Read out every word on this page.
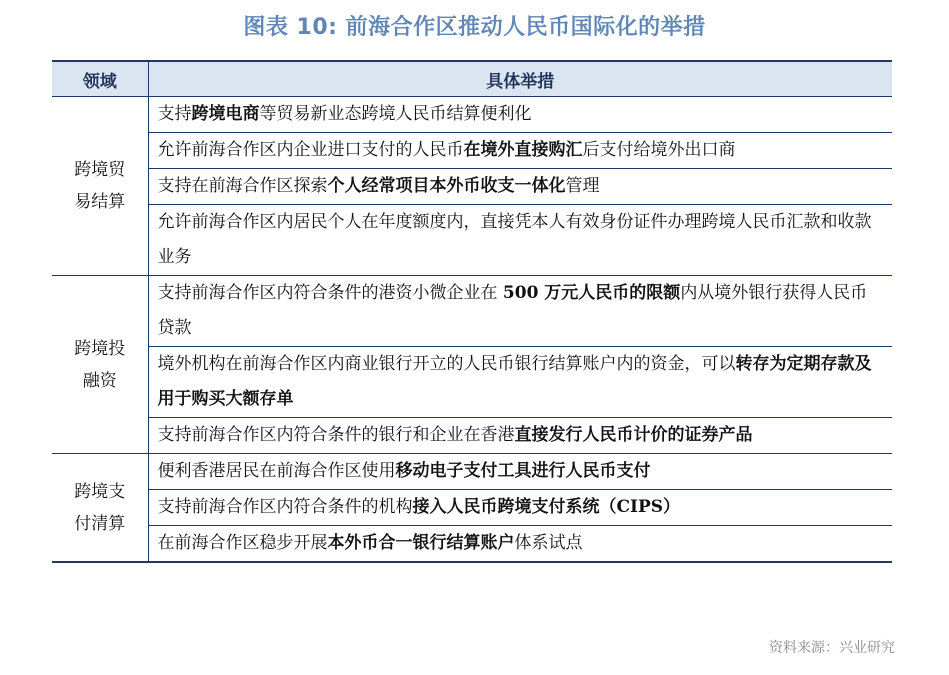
图表 10: 前海合作区推动人民币国际化的举措
领域	具体举措
跨境贸易结算	支持跨境电商等贸易新业态跨境人民币结算便利化
	允许前海合作区内企业进口支付的人民币在境外直接购汇后支付给境外出口商
	支持在前海合作区探索个人经常项目本外币收支一体化管理
	允许前海合作区内居民个人在年度额度内，直接凭本人有效身份证件办理跨境人民币汇款和收款业务
跨境投融资	支持前海合作区内符合条件的港资小微企业在 500 万元人民币的限额内从境外银行获得人民币贷款
	境外机构在前海合作区内商业银行开立的人民币银行结算账户内的资金，可以转存为定期存款及用于购买大额存单
	支持前海合作区内符合条件的银行和企业在香港直接发行人民币计价的证券产品
跨境支付清算	便利香港居民在前海合作区使用移动电子支付工具进行人民币支付
	支持前海合作区内符合条件的机构接入人民币跨境支付系统（CIPS）
	在前海合作区稳步开展本外币合一银行结算账户体系试点
资料来源：兴业研究
